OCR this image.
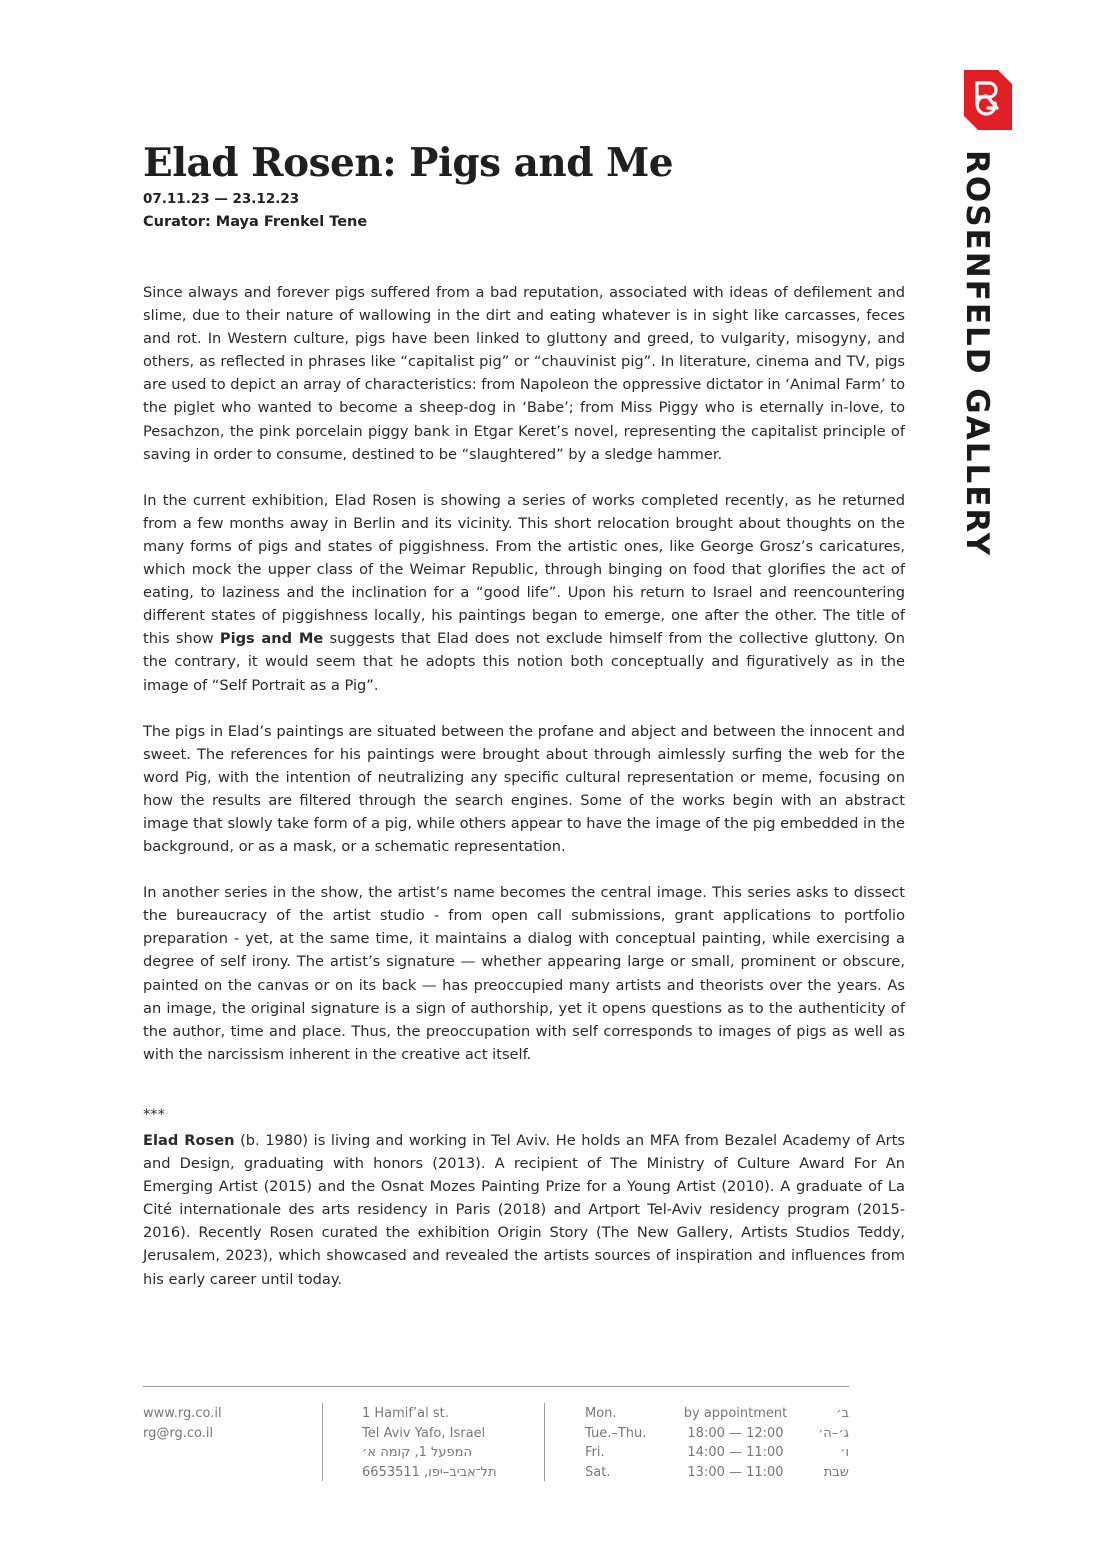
ROSENFELD GALLERY
Elad Rosen: Pigs and Me
07.11.23 — 23.12.23
Curator: Maya Frenkel Tene

Since always and forever pigs suffered from a bad reputation, associated with ideas of defilement and slime, due to their nature of wallowing in the dirt and eating whatever is in sight like carcasses, feces and rot. In Western culture, pigs have been linked to gluttony and greed, to vulgarity, misogyny, and others, as reflected in phrases like “capitalist pig” or “chauvinist pig”. In literature, cinema and TV, pigs are used to depict an array of characteristics: from Napoleon the oppressive dictator in ‘Animal Farm’ to the piglet who wanted to become a sheep-dog in ‘Babe’; from Miss Piggy who is eternally in-love, to Pesachzon, the pink porcelain piggy bank in Etgar Keret’s novel, representing the capitalist principle of saving in order to consume, destined to be “slaughtered” by a sledge hammer.

In the current exhibition, Elad Rosen is showing a series of works completed recently, as he returned from a few months away in Berlin and its vicinity. This short relocation brought about thoughts on the many forms of pigs and states of piggishness. From the artistic ones, like George Grosz’s caricatures, which mock the upper class of the Weimar Republic, through binging on food that glorifies the act of eating, to laziness and the inclination for a “good life”. Upon his return to Israel and reencountering different states of piggishness locally, his paintings began to emerge, one after the other. The title of this show Pigs and Me suggests that Elad does not exclude himself from the collective gluttony. On the contrary, it would seem that he adopts this notion both conceptually and figuratively as in the image of “Self Portrait as a Pig”.

The pigs in Elad’s paintings are situated between the profane and abject and between the innocent and sweet. The references for his paintings were brought about through aimlessly surfing the web for the word Pig, with the intention of neutralizing any specific cultural representation or meme, focusing on how the results are filtered through the search engines. Some of the works begin with an abstract image that slowly take form of a pig, while others appear to have the image of the pig embedded in the background, or as a mask, or a schematic representation.

In another series in the show, the artist’s name becomes the central image. This series asks to dissect the bureaucracy of the artist studio - from open call submissions, grant applications to portfolio preparation - yet, at the same time, it maintains a dialog with conceptual painting, while exercising a degree of self irony. The artist’s signature — whether appearing large or small, prominent or obscure, painted on the canvas or on its back — has preoccupied many artists and theorists over the years. As an image, the original signature is a sign of authorship, yet it opens questions as to the authenticity of the author, time and place. Thus, the preoccupation with self corresponds to images of pigs as well as with the narcissism inherent in the creative act itself.

***

Elad Rosen (b. 1980) is living and working in Tel Aviv. He holds an MFA from Bezalel Academy of Arts and Design, graduating with honors (2013). A recipient of The Ministry of Culture Award For An Emerging Artist (2015) and the Osnat Mozes Painting Prize for a Young Artist (2010). A graduate of La Cité internationale des arts residency in Paris (2018) and Artport Tel-Aviv residency program (2015-2016). Recently Rosen curated the exhibition Origin Story (The New Gallery, Artists Studios Teddy, Jerusalem, 2023), which showcased and revealed the artists sources of inspiration and influences from his early career until today.

www.rg.co.il
rg@rg.co.il
1 Hamif’al st.
Tel Aviv Yafo, Israel
המפעל 1, קומה א׳
תל־אביב–יפו, 6653511
Mon.	by appointment	ב׳
Tue.–Thu.	18:00 — 12:00	ג׳–ה׳
Fri.	14:00 — 11:00	ו׳
Sat.	13:00 — 11:00	שבת
